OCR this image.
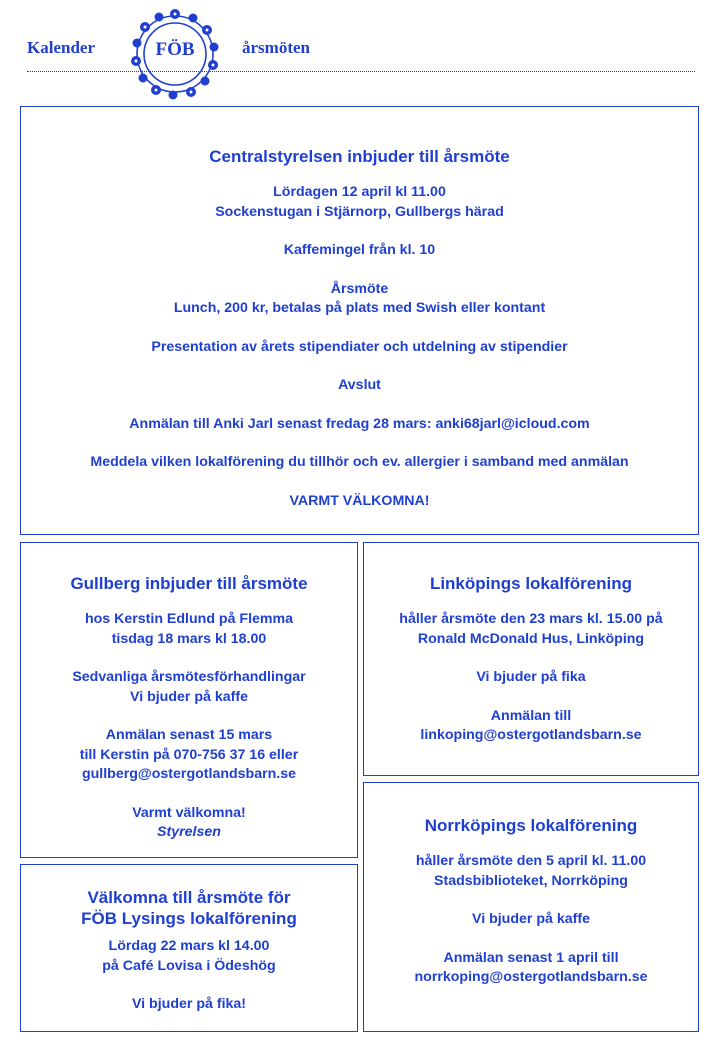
Kalender	FÖB	årsmöten
Centralstyrelsen inbjuder till årsmöte

Lördagen 12 april kl 11.00

Sockenstugan i Stjärnorp, Gullbergs härad

Kaffemingel från kl. 10

Årsmöte

Lunch, 200 kr, betalas på plats med Swish eller kontant

Presentation av årets stipendiater och utdelning av stipendier

Avslut

Anmälan till Anki Jarl senast fredag 28 mars: anki68jarl@icloud.com

Meddela vilken lokalförening du tillhör och ev. allergier i samband med anmälan

VARMT VÄLKOMNA!

Gullberg inbjuder till årsmöte

hos Kerstin Edlund på Flemma

tisdag 18 mars kl 18.00

Sedvanliga årsmötesförhandlingar

Vi bjuder på kaffe

Anmälan senast 15 mars

till Kerstin på 070-756 37 16 eller

gullberg@ostergotlandsbarn.se

Varmt välkomna!

Styrelsen

Linköpings lokalförening

håller årsmöte den 23 mars kl. 15.00 på

Ronald McDonald Hus, Linköping

Vi bjuder på fika

Anmälan till

linkoping@ostergotlandsbarn.se

Välkomna till årsmöte för
FÖB Lysings lokalförening

Lördag 22 mars kl 14.00

på Café Lovisa i Ödeshög

Vi bjuder på fika!

Norrköpings lokalförening

håller årsmöte den 5 april kl. 11.00

Stadsbiblioteket, Norrköping

Vi bjuder på kaffe

Anmälan senast 1 april till

norrkoping@ostergotlandsbarn.se
